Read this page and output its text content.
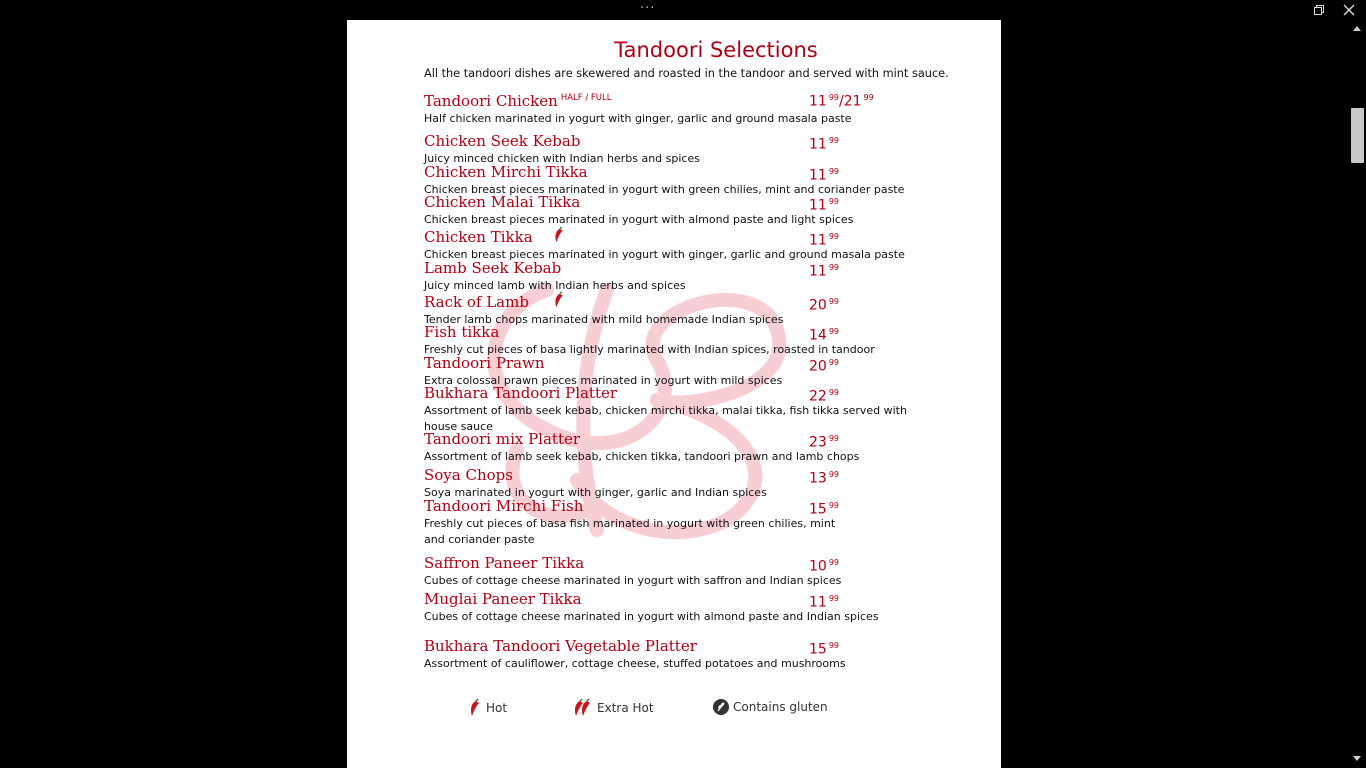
···
Tandoori Selections
All the tandoori dishes are skewered and roasted in the tandoor and served with mint sauce.
Tandoori Chicken $^{HALF / FULL}$	11 $^{99}$/21 $^{99}$
Half chicken marinated in yogurt with ginger, garlic and ground masala paste
Chicken Seek Kebab	11 $^{99}$
Juicy minced chicken with Indian herbs and spices
Chicken Mirchi Tikka	11 $^{99}$
Chicken breast pieces marinated in yogurt with green chilies, mint and coriander paste
Chicken Malai Tikka	11 $^{99}$
Chicken breast pieces marinated in yogurt with almond paste and light spices
Chicken Tikka	11 $^{99}$
Chicken breast pieces marinated in yogurt with ginger, garlic and ground masala paste
Lamb Seek Kebab	11 $^{99}$
Juicy minced lamb with Indian herbs and spices
Rack of Lamb	20 $^{99}$
Tender lamb chops marinated with mild homemade Indian spices
Fish tikka	14 $^{99}$
Freshly cut pieces of basa lightly marinated with Indian spices, roasted in tandoor
Tandoori Prawn	20 $^{99}$
Extra colossal prawn pieces marinated in yogurt with mild spices
Bukhara Tandoori Platter	22 $^{99}$
Assortment of lamb seek kebab, chicken mirchi tikka, malai tikka, fish tikka served with house sauce
Tandoori mix Platter	23 $^{99}$
Assortment of lamb seek kebab, chicken tikka, tandoori prawn and lamb chops
Soya Chops	13 $^{99}$
Soya marinated in yogurt with ginger, garlic and Indian spices
Tandoori Mirchi Fish	15 $^{99}$
Freshly cut pieces of basa fish marinated in yogurt with green chilies, mint and coriander paste
Saffron Paneer Tikka	10 $^{99}$
Cubes of cottage cheese marinated in yogurt with saffron and Indian spices
Muglai Paneer Tikka	11 $^{99}$
Cubes of cottage cheese marinated in yogurt with almond paste and Indian spices
Bukhara Tandoori Vegetable Platter	15 $^{99}$
Assortment of cauliflower, cottage cheese, stuffed potatoes and mushrooms
Hot	Extra Hot	Contains gluten
